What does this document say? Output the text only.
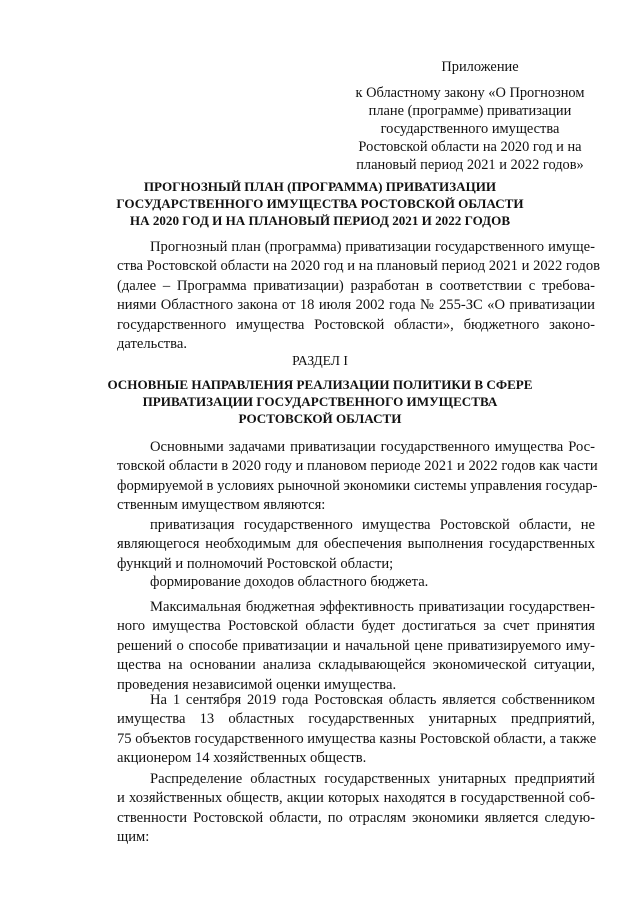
Приложение
к Областному закону «О Прогнозном
плане (программе) приватизации
государственного имущества
Ростовской области на 2020 год и на
плановый период 2021 и 2022 годов»
ПРОГНОЗНЫЙ ПЛАН (ПРОГРАММА) ПРИВАТИЗАЦИИ
ГОСУДАРСТВЕННОГО ИМУЩЕСТВА РОСТОВСКОЙ ОБЛАСТИ
НА 2020 ГОД И НА ПЛАНОВЫЙ ПЕРИОД 2021 И 2022 ГОДОВ
Прогнозный план (программа) приватизации государственного имуще-
ства Ростовской области на 2020 год и на плановый период 2021 и 2022 годов
(далее – Программа приватизации) разработан в соответствии с требова-
ниями Областного закона от 18 июля 2002 года № 255-ЗС «О приватизации
государственного имущества Ростовской области», бюджетного законо-
дательства.
РАЗДЕЛ I
ОСНОВНЫЕ НАПРАВЛЕНИЯ РЕАЛИЗАЦИИ ПОЛИТИКИ В СФЕРЕ
ПРИВАТИЗАЦИИ ГОСУДАРСТВЕННОГО ИМУЩЕСТВА
РОСТОВСКОЙ ОБЛАСТИ
Основными задачами приватизации государственного имущества Рос-
товской области в 2020 году и плановом периоде 2021 и 2022 годов как части
формируемой в условиях рыночной экономики системы управления государ-
ственным имуществом являются:
приватизация государственного имущества Ростовской области, не
являющегося необходимым для обеспечения выполнения государственных
функций и полномочий Ростовской области;
формирование доходов областного бюджета.
Максимальная бюджетная эффективность приватизации государствен-
ного имущества Ростовской области будет достигаться за счет принятия
решений о способе приватизации и начальной цене приватизируемого иму-
щества на основании анализа складывающейся экономической ситуации,
проведения независимой оценки имущества.
На 1 сентября 2019 года Ростовская область является собственником
имущества 13 областных государственных унитарных предприятий,
75 объектов государственного имущества казны Ростовской области, а также
акционером 14 хозяйственных обществ.
Распределение областных государственных унитарных предприятий
и хозяйственных обществ, акции которых находятся в государственной соб-
ственности Ростовской области, по отраслям экономики является следую-
щим:
